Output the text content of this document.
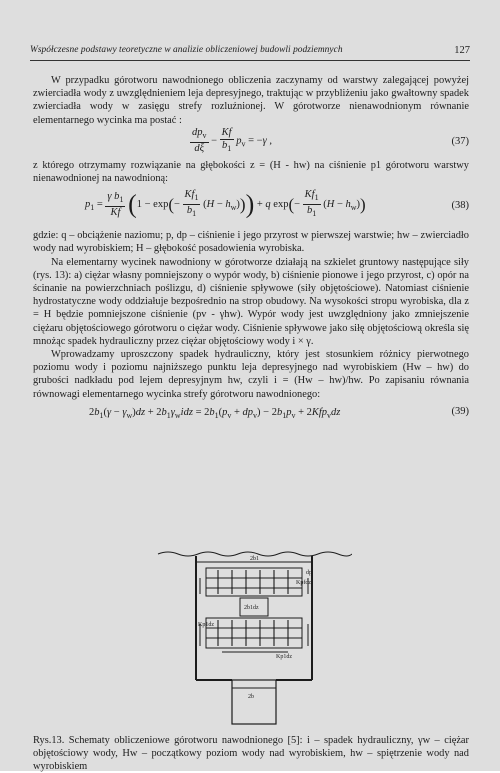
Współczesne podstawy teoretyczne w analizie obliczeniowej budowli podziemnych	127

W przypadku górotworu nawodnionego obliczenia zaczynamy od warstwy zalegającej powyżej zwierciadła wody z uwzględnieniem leja depresyjnego, traktując w przybliżeniu jako gwałtowny spadek zwierciadła wody w zasięgu strefy rozluźnionej. W górotworze nienawodnionym równanie elementarnego wycinka ma postać :

$\frac{dp_v}{d\xi} - \frac{Kf}{b_1} p_v = -\gamma$ ,	(37)

z którego otrzymamy rozwiązanie na głębokości z = (H - hw) na ciśnienie p1 górotworu warstwy nienawodnionej na nawodnioną:

$p_1 = \frac{\gamma b_1}{Kf} (1 - \exp(- \frac{Kf_1}{b_1} (H - h_w))) + q$ $\exp(- \frac{Kf_1}{b_1} (H - h_w))$	(38)

gdzie: q – obciążenie naziomu; p, dp – ciśnienie i jego przyrost w pierwszej warstwie; hw – zwierciadło wody nad wyrobiskiem; H – głębokość posadowienia wyrobiska.

Na elementarny wycinek nawodniony w górotworze działają na szkielet gruntowy następujące siły (rys. 13): a) ciężar własny pomniejszony o wypór wody, b) ciśnienie pionowe i jego przyrost, c) opór na ścinanie na powierzchniach poślizgu, d) ciśnienie spływowe (siły objętościowe). Natomiast ciśnienie hydrostatyczne wody oddziałuje bezpośrednio na strop obudowy. Na wysokości stropu wyrobiska, dla z = H będzie pomniejszone ciśnienie (pv - γhw). Wypór wody jest uwzględniony jako zmniejszenie ciężaru objętościowego górotworu o ciężar wody. Ciśnienie spływowe jako siłę objętościową określa się mnożąc spadek hydrauliczny przez ciężar objętościowy wody i × γ.

Wprowadzamy uproszczony spadek hydrauliczny, który jest stosunkiem różnicy pierwotnego poziomu wody i poziomu najniższego punktu leja depresyjnego nad wyrobiskiem (Hw – hw) do grubości nadkładu pod lejem depresyjnym hw, czyli i = (Hw – hw)/hw. Po zapisaniu równania równowagi elementarnego wycinka strefy górotworu nawodnionego:

$2b_1(\gamma - \gamma_w)dz + 2b_1\gamma_widz = 2b_1(p_v + dp_v) - 2b_1p_v + 2Kfp_vdz$	(39)
2b1
dp
Kpfdz
2b1dz
Kp1dz
Kp1dz
2b
Rys.13. Schematy obliczeniowe górotworu nawodnionego [5]: i – spadek hydrauliczny, γw – ciężar objętościowy wody, Hw – początkowy poziom wody nad wyrobiskiem, hw – spiętrzenie wody nad wyrobiskiem
